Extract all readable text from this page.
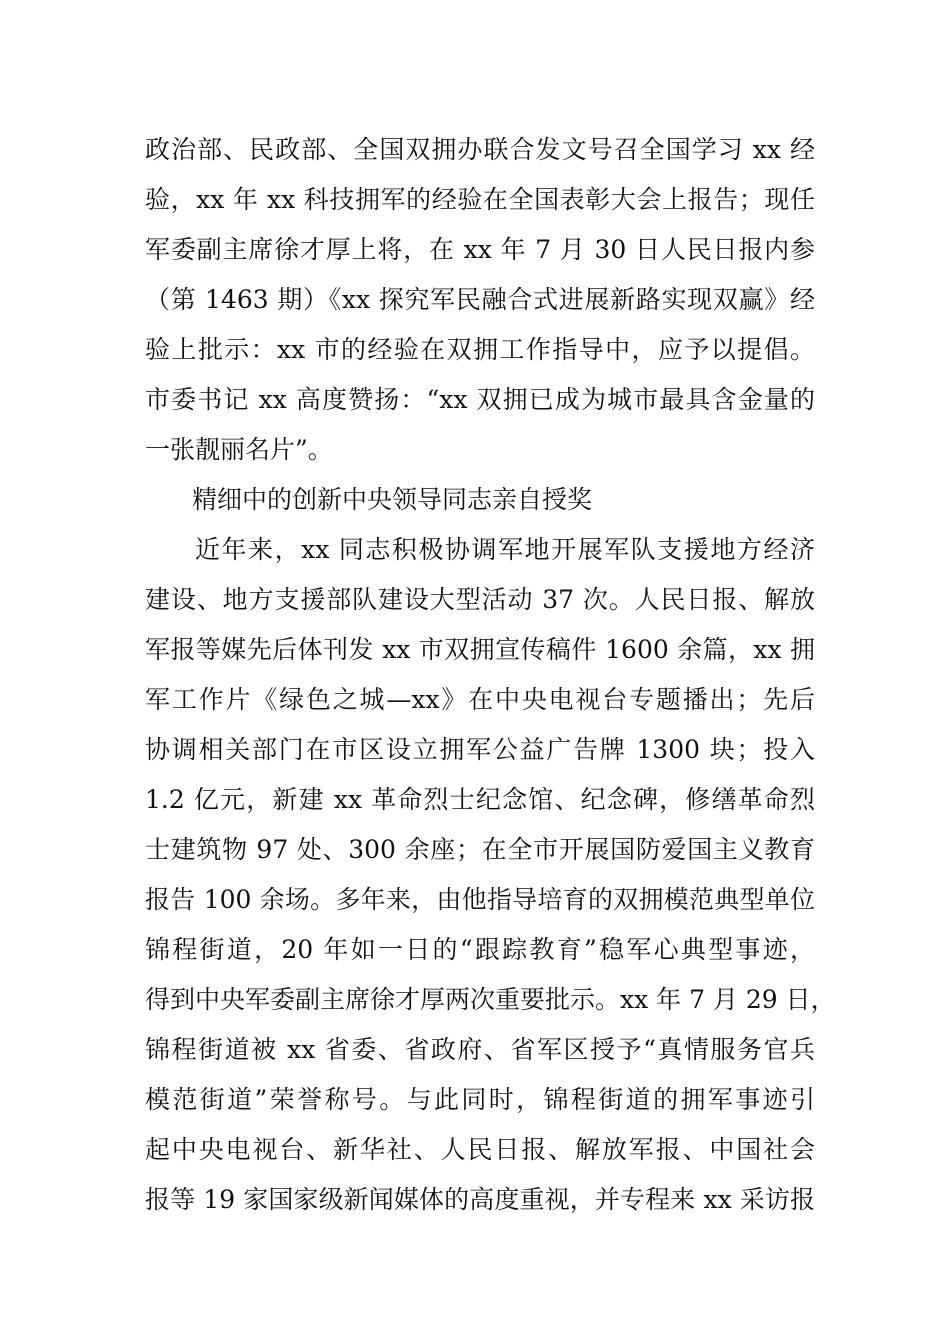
政治部、民政部、全国双拥办联合发文号召全国学习 xx 经
验，xx 年 xx 科技拥军的经验在全国表彰大会上报告；现任
军委副主席徐才厚上将，在 xx 年 7 月 30 日人民日报内参
（第 1463 期）《xx 探究军民融合式进展新路实现双赢》经
验上批示：xx 市的经验在双拥工作指导中，应予以提倡。
市委书记 xx 高度赞扬：“xx 双拥已成为城市最具含金量的
一张靓丽名片”。
精细中的创新中央领导同志亲自授奖
近年来，xx 同志积极协调军地开展军队支援地方经济
建设、地方支援部队建设大型活动 37 次。人民日报、解放
军报等媒先后体刊发 xx 市双拥宣传稿件 1600 余篇，xx 拥
军工作片《绿色之城—xx》在中央电视台专题播出；先后
协调相关部门在市区设立拥军公益广告牌 1300 块；投入
1.2 亿元，新建 xx 革命烈士纪念馆、纪念碑，修缮革命烈
士建筑物 97 处、300 余座；在全市开展国防爱国主义教育
报告 100 余场。多年来，由他指导培育的双拥模范典型单位
锦程街道，20 年如一日的“跟踪教育”稳军心典型事迹，
得到中央军委副主席徐才厚两次重要批示。xx 年 7 月 29 日，
锦程街道被 xx 省委、省政府、省军区授予“真情服务官兵
模范街道”荣誉称号。与此同时，锦程街道的拥军事迹引
起中央电视台、新华社、人民日报、解放军报、中国社会
报等 19 家国家级新闻媒体的高度重视，并专程来 xx 采访报
